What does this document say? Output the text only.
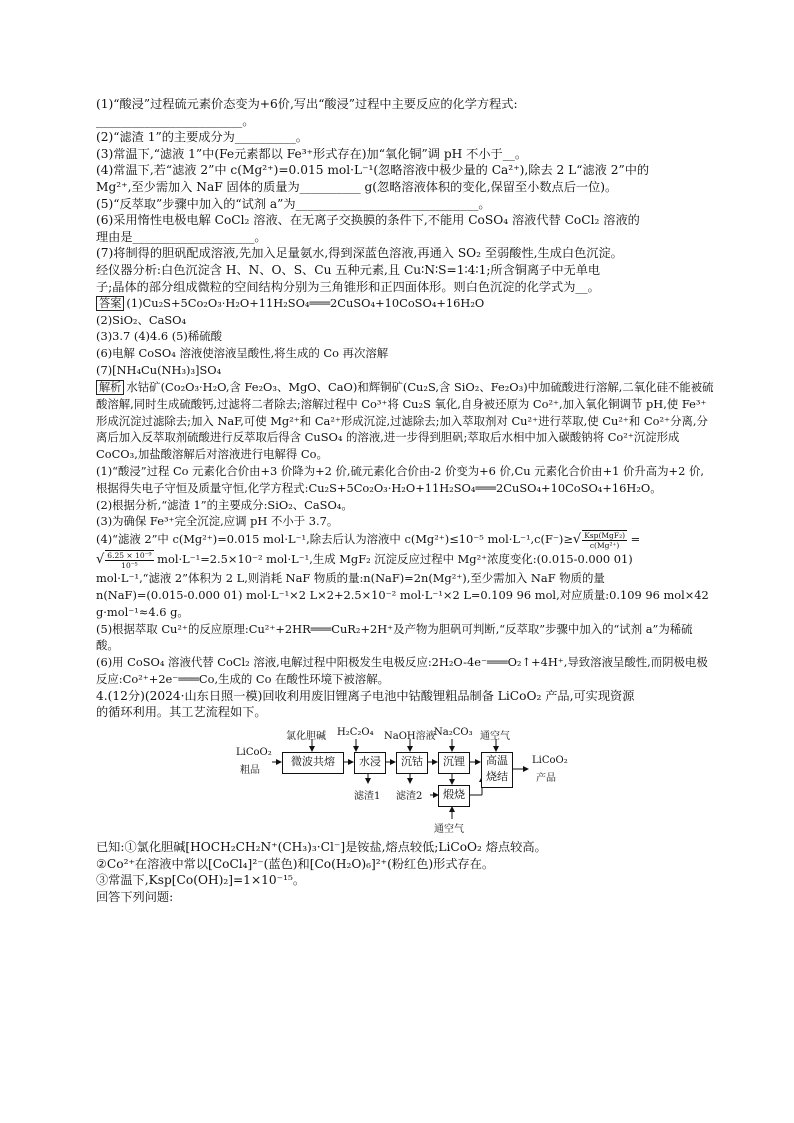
(1)“酸浸”过程硫元素价态变为+6价,写出“酸浸”过程中主要反应的化学方程式:
________________________。
(2)“滤渣 1”的主要成分为__________。
(3)常温下,“滤液 1”中(Fe元素都以 Fe³⁺形式存在)加“氧化铜”调 pH 不小于__。
(4)常温下,若“滤液 2”中 c(Mg²⁺)=0.015 mol·L⁻¹(忽略溶液中极少量的 Ca²⁺),除去 2 L“滤液 2”中的
Mg²⁺,至少需加入 NaF 固体的质量为__________ g(忽略溶液体积的变化,保留至小数点后一位)。
(5)“反萃取”步骤中加入的“试剂 a”为______________________________。
(6)采用惰性电极电解 CoCl₂ 溶液、在无离子交换膜的条件下,不能用 CoSO₄ 溶液代替 CoCl₂ 溶液的
理由是____________________。
(7)将制得的胆矾配成溶液,先加入足量氨水,得到深蓝色溶液,再通入 SO₂ 至弱酸性,生成白色沉淀。
经仪器分析:白色沉淀含 H、N、O、S、Cu 五种元素,且 Cu∶N∶S=1∶4∶1;所含铜离子中无单电
子;晶体的部分组成微粒的空间结构分别为三角锥形和正四面体形。则白色沉淀的化学式为__。
答案 (1)Cu₂S+5Co₂O₃·H₂O+11H₂SO₄═══2CuSO₄+10CoSO₄+16H₂O
(2)SiO₂、CaSO₄
(3)3.7 (4)4.6 (5)稀硫酸
(6)电解 CoSO₄ 溶液使溶液呈酸性,将生成的 Co 再次溶解
(7)[NH₄Cu(NH₃)₃]SO₄
解析 水钴矿(Co₂O₃·H₂O,含 Fe₂O₃、MgO、CaO)和辉铜矿(Cu₂S,含 SiO₂、Fe₂O₃)中加硫酸进行溶解,二氧化硅不能被硫酸溶解,同时生成硫酸钙,过滤将二者除去;溶解过程中 Co³⁺将 Cu₂S 氧化,自身被还原为 Co²⁺,加入氧化铜调节 pH,使 Fe³⁺形成沉淀过滤除去;加入 NaF,可使 Mg²⁺和 Ca²⁺形成沉淀,过滤除去;加入萃取剂对 Cu²⁺进行萃取,使 Cu²⁺和 Co²⁺分离,分离后加入反萃取剂硫酸进行反萃取后得含 CuSO₄ 的溶液,进一步得到胆矾;萃取后水相中加入碳酸钠将 Co²⁺沉淀形成 CoCO₃,加盐酸溶解后对溶液进行电解得 Co。
(1)“酸浸”过程 Co 元素化合价由+3 价降为+2 价,硫元素化合价由-2 价变为+6 价,Cu 元素化合价由+1 价升高为+2 价,根据得失电子守恒及质量守恒,化学方程式:Cu₂S+5Co₂O₃·H₂O+11H₂SO₄═══2CuSO₄+10CoSO₄+16H₂O。
(2)根据分析,“滤渣 1”的主要成分:SiO₂、CaSO₄。
(3)为确保 Fe³⁺完全沉淀,应调 pH 不小于 3.7。
(4)“滤液 2”中 c(Mg²⁺)=0.015 mol·L⁻¹,除去后认为溶液中 c(Mg²⁺)≤10⁻⁵ $mol\cdot L^{-1},c(F^-)\ge√ \frac{\text{Ksp(MgF₂)}}{\text{c(Mg²⁺)}}$ =
√ $\frac{\text{6.25 × 10⁻⁹}}{\text{10⁻⁵}} mol\cdot L^{-1}=2.5\times 10^{-2}$ mol·L⁻¹,生成 MgF₂ 沉淀反应过程中 Mg²⁺浓度变化:(0.015-0.000 01)
mol·L⁻¹,“滤液 2”体积为 2 L,则消耗 NaF 物质的量:n(NaF)=2n(Mg²⁺),至少需加入 NaF 物质的量
n(NaF)=(0.015-0.000 01) mol·L⁻¹×2 L×2+2.5×10⁻² mol·L⁻¹×2 L=0.109 96 mol,对应质量:0.109 96 mol×42
g·mol⁻¹≈4.6 g。
(5)根据萃取 Cu²⁺的反应原理:Cu²⁺+2HR═══CuR₂+2H⁺及产物为胆矾可判断,“反萃取”步骤中加入的“试剂 a”为稀硫酸。
(6)用 CoSO₄ 溶液代替 CoCl₂ 溶液,电解过程中阳极发生电极反应:2H₂O-4e⁻═══O₂↑+4H⁺,导致溶液呈酸性,而阴极电极反应:Co²⁺+2e⁻═══Co,生成的 Co 在酸性环境下被溶解。
4.(12分)(2024·山东日照一模)回收利用废旧锂离子电池中钴酸锂粗品制备 LiCoO₂ 产品,可实现资源
的循环利用。其工艺流程如下。
LiCoO₂
粗品
氯化胆碱 H₂C₂O₄ NaOH溶液
Na₂CO₃ 通空气
微波共熔	水浸	沉钴	沉锂	高温
烧结
煅烧
滤渣1 滤渣2
通空气
LiCoO₂
产品
已知:①氯化胆碱[HOCH₂CH₂N⁺(CH₃)₃·Cl⁻]是铵盐,熔点较低;LiCoO₂ 熔点较高。
②Co²⁺在溶液中常以[CoCl₄]²⁻(蓝色)和[Co(H₂O)₆]²⁺(粉红色)形式存在。
③常温下,Ksp[Co(OH)₂]=1×10⁻¹⁵。
回答下列问题:
